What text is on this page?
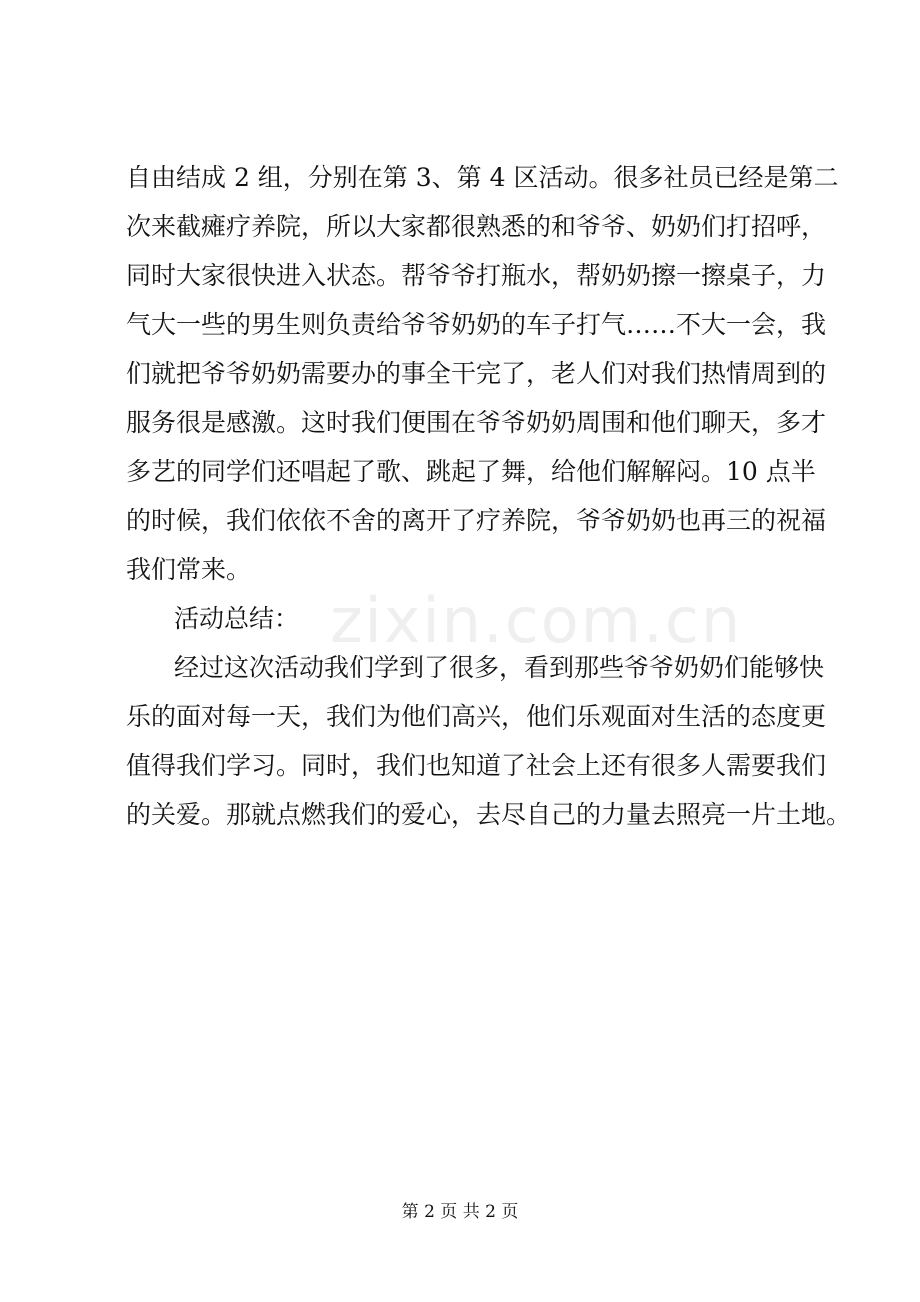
zixin.com.cn
自由结成 2 组，分别在第 3、第 4 区活动。很多社员已经是第二
次来截瘫疗养院，所以大家都很熟悉的和爷爷、奶奶们打招呼，
同时大家很快进入状态。帮爷爷打瓶水，帮奶奶擦一擦桌子，力
气大一些的男生则负责给爷爷奶奶的车子打气……不大一会，我
们就把爷爷奶奶需要办的事全干完了，老人们对我们热情周到的
服务很是感激。这时我们便围在爷爷奶奶周围和他们聊天，多才
多艺的同学们还唱起了歌、跳起了舞，给他们解解闷。10 点半
的时候，我们依依不舍的离开了疗养院，爷爷奶奶也再三的祝福
我们常来。
活动总结：
经过这次活动我们学到了很多，看到那些爷爷奶奶们能够快
乐的面对每一天，我们为他们高兴，他们乐观面对生活的态度更
值得我们学习。同时，我们也知道了社会上还有很多人需要我们
的关爱。那就点燃我们的爱心，去尽自己的力量去照亮一片土地。
第 2 页 共 2 页
